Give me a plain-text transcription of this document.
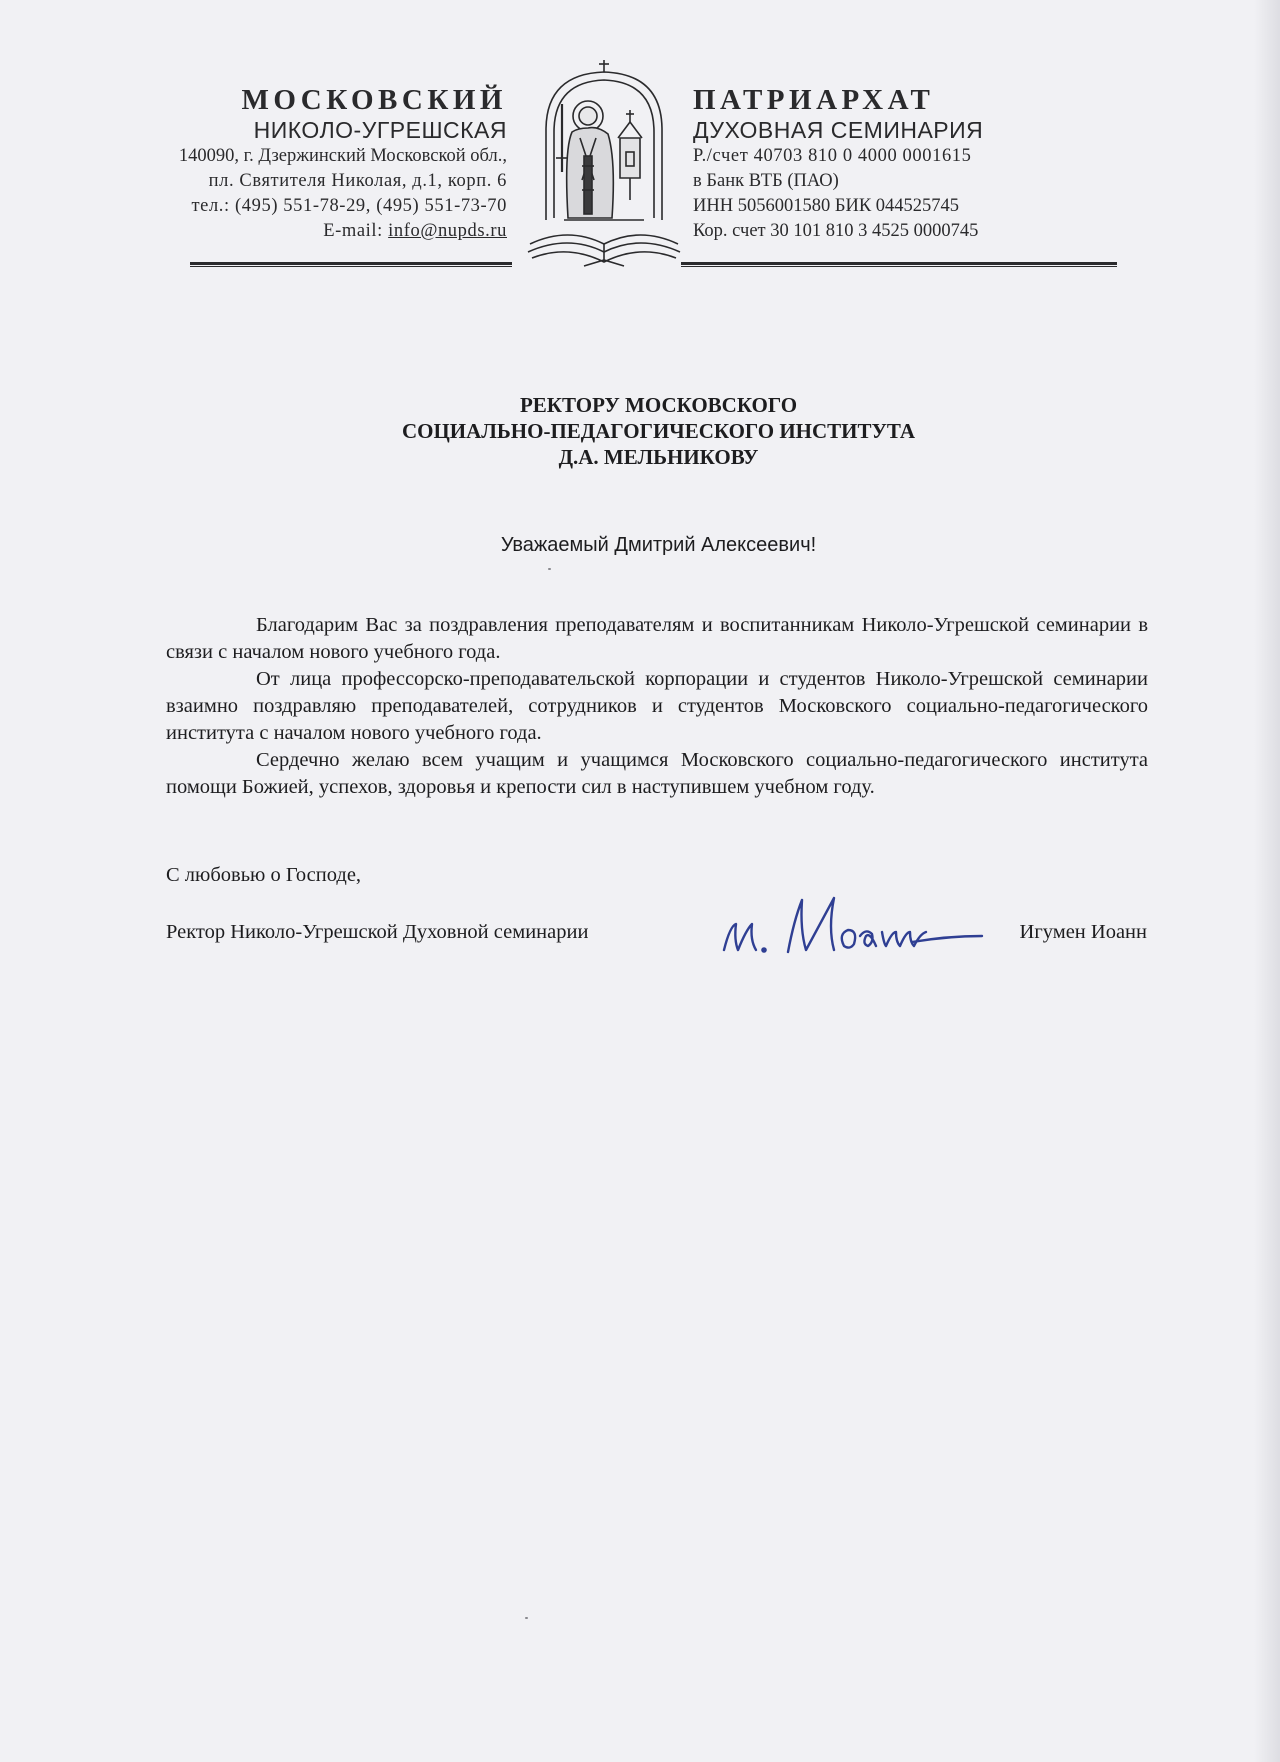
МОСКОВСКИЙ
НИКОЛО-УГРЕШСКАЯ
140090, г. Дзержинский Московской обл.,
пл. Святителя Николая, д.1, корп. 6
тел.: (495) 551-78-29, (495) 551-73-70
E-mail: info@nupds.ru
ПАТРИАРХАТ
ДУХОВНАЯ СЕМИНАРИЯ
Р./счет 40703 810 0 4000 0001615
в Банк ВТБ (ПАО)
ИНН 5056001580 БИК 044525745
Кор. счет 30 101 810 3 4525 0000745
РЕКТОРУ МОСКОВСКОГО
СОЦИАЛЬНО-ПЕДАГОГИЧЕСКОГО ИНСТИТУТА
Д.А. МЕЛЬНИКОВУ
Уважаемый Дмитрий Алексеевич!

Благодарим Вас за поздравления преподавателям и воспитанникам Николо-Угрешской семинарии в связи с началом нового учебного года.

От лица профессорско-преподавательской корпорации и студентов Николо-Угрешской семинарии взаимно поздравляю преподавателей, сотрудников и студентов Московского социально-педагогического института с началом нового учебного года.

Сердечно желаю всем учащим и учащимся Московского социально-педагогического института помощи Божией, успехов, здоровья и крепости сил в наступившем учебном году.

С любовью о Господе,
Ректор Николо-Угрешской Духовной семинарии	Игумен Иоанн
